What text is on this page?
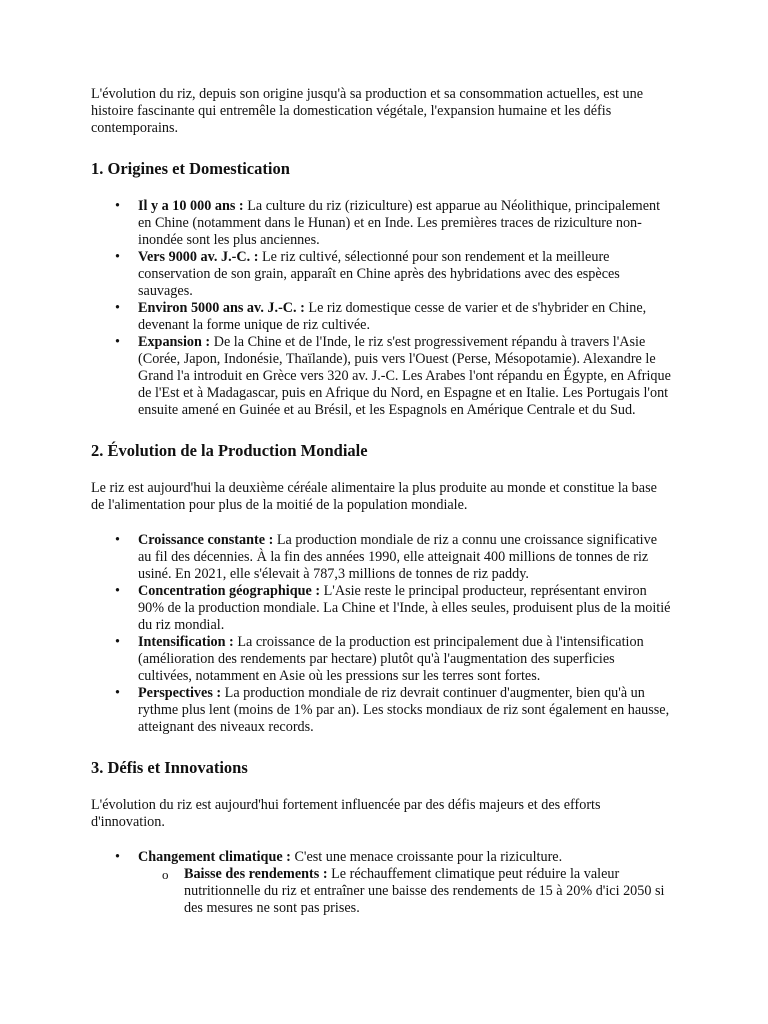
L'évolution du riz, depuis son origine jusqu'à sa production et sa consommation actuelles, est une histoire fascinante qui entremêle la domestication végétale, l'expansion humaine et les défis contemporains.

1. Origines et Domestication
• Il y a 10 000 ans : La culture du riz (riziculture) est apparue au Néolithique, principalement en Chine (notamment dans le Hunan) et en Inde. Les premières traces de riziculture non-inondée sont les plus anciennes.
• Vers 9000 av. J.-C. : Le riz cultivé, sélectionné pour son rendement et la meilleure conservation de son grain, apparaît en Chine après des hybridations avec des espèces sauvages.
• Environ 5000 ans av. J.-C. : Le riz domestique cesse de varier et de s'hybrider en Chine, devenant la forme unique de riz cultivée.
• Expansion : De la Chine et de l'Inde, le riz s'est progressivement répandu à travers l'Asie (Corée, Japon, Indonésie, Thaïlande), puis vers l'Ouest (Perse, Mésopotamie). Alexandre le Grand l'a introduit en Grèce vers 320 av. J.-C. Les Arabes l'ont répandu en Égypte, en Afrique de l'Est et à Madagascar, puis en Afrique du Nord, en Espagne et en Italie. Les Portugais l'ont ensuite amené en Guinée et au Brésil, et les Espagnols en Amérique Centrale et du Sud.
2. Évolution de la Production Mondiale

Le riz est aujourd'hui la deuxième céréale alimentaire la plus produite au monde et constitue la base de l'alimentation pour plus de la moitié de la population mondiale.

• Croissance constante : La production mondiale de riz a connu une croissance significative au fil des décennies. À la fin des années 1990, elle atteignait 400 millions de tonnes de riz usiné. En 2021, elle s'élevait à 787,3 millions de tonnes de riz paddy.
• Concentration géographique : L'Asie reste le principal producteur, représentant environ 90% de la production mondiale. La Chine et l'Inde, à elles seules, produisent plus de la moitié du riz mondial.
• Intensification : La croissance de la production est principalement due à l'intensification (amélioration des rendements par hectare) plutôt qu'à l'augmentation des superficies cultivées, notamment en Asie où les pressions sur les terres sont fortes.
• Perspectives : La production mondiale de riz devrait continuer d'augmenter, bien qu'à un rythme plus lent (moins de 1% par an). Les stocks mondiaux de riz sont également en hausse, atteignant des niveaux records.
3. Défis et Innovations

L'évolution du riz est aujourd'hui fortement influencée par des défis majeurs et des efforts d'innovation.

• Changement climatique : C'est une menace croissante pour la riziculture.
o Baisse des rendements : Le réchauffement climatique peut réduire la valeur nutritionnelle du riz et entraîner une baisse des rendements de 15 à 20% d'ici 2050 si des mesures ne sont pas prises.
